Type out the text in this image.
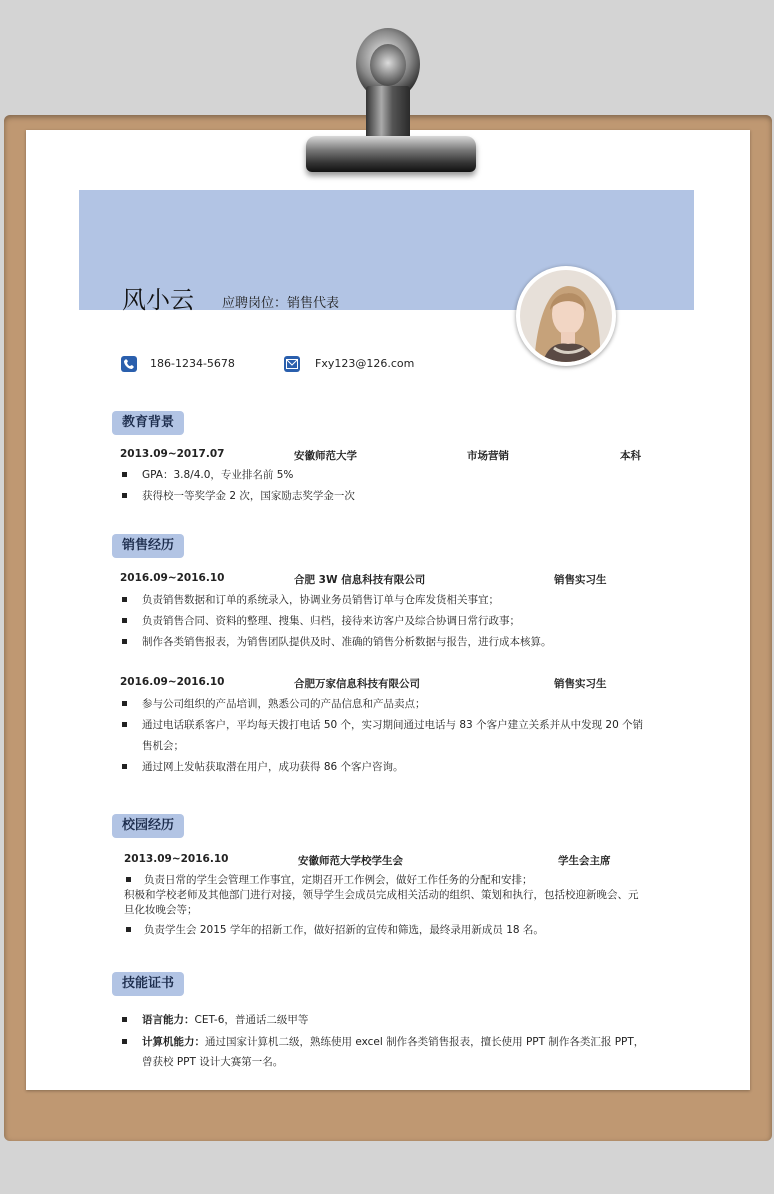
风小云 应聘岗位：销售代表
186-1234-5678	Fxy123@126.com
教育背景
2013.09~2017.07	安徽师范大学	市场营销	本科
GPA：3.8/4.0，专业排名前 5%
获得校一等奖学金 2 次，国家励志奖学金一次
销售经历
2016.09~2016.10	合肥 3W 信息科技有限公司	销售实习生
负责销售数据和订单的系统录入，协调业务员销售订单与仓库发货相关事宜；
负责销售合同、资料的整理、搜集、归档，接待来访客户及综合协调日常行政事；
制作各类销售报表，为销售团队提供及时、准确的销售分析数据与报告，进行成本核算。
2016.09~2016.10	合肥万家信息科技有限公司	销售实习生
参与公司组织的产品培训，熟悉公司的产品信息和产品卖点；
通过电话联系客户，平均每天拨打电话 50 个，实习期间通过电话与 83 个客户建立关系并从中发现 20 个销
售机会；
通过网上发帖获取潜在用户，成功获得 86 个客户咨询。
校园经历
2013.09~2016.10	安徽师范大学校学生会	学生会主席
负责日常的学生会管理工作事宜，定期召开工作例会，做好工作任务的分配和安排；
积极和学校老师及其他部门进行对接，领导学生会成员完成相关活动的组织、策划和执行，包括校迎新晚会、元
旦化妆晚会等；
负责学生会 2015 学年的招新工作，做好招新的宣传和筛选，最终录用新成员 18 名。
技能证书
语言能力：CET-6，普通话二级甲等
计算机能力：通过国家计算机二级，熟练使用 excel 制作各类销售报表，擅长使用 PPT 制作各类汇报 PPT，
曾获校 PPT 设计大赛第一名。
